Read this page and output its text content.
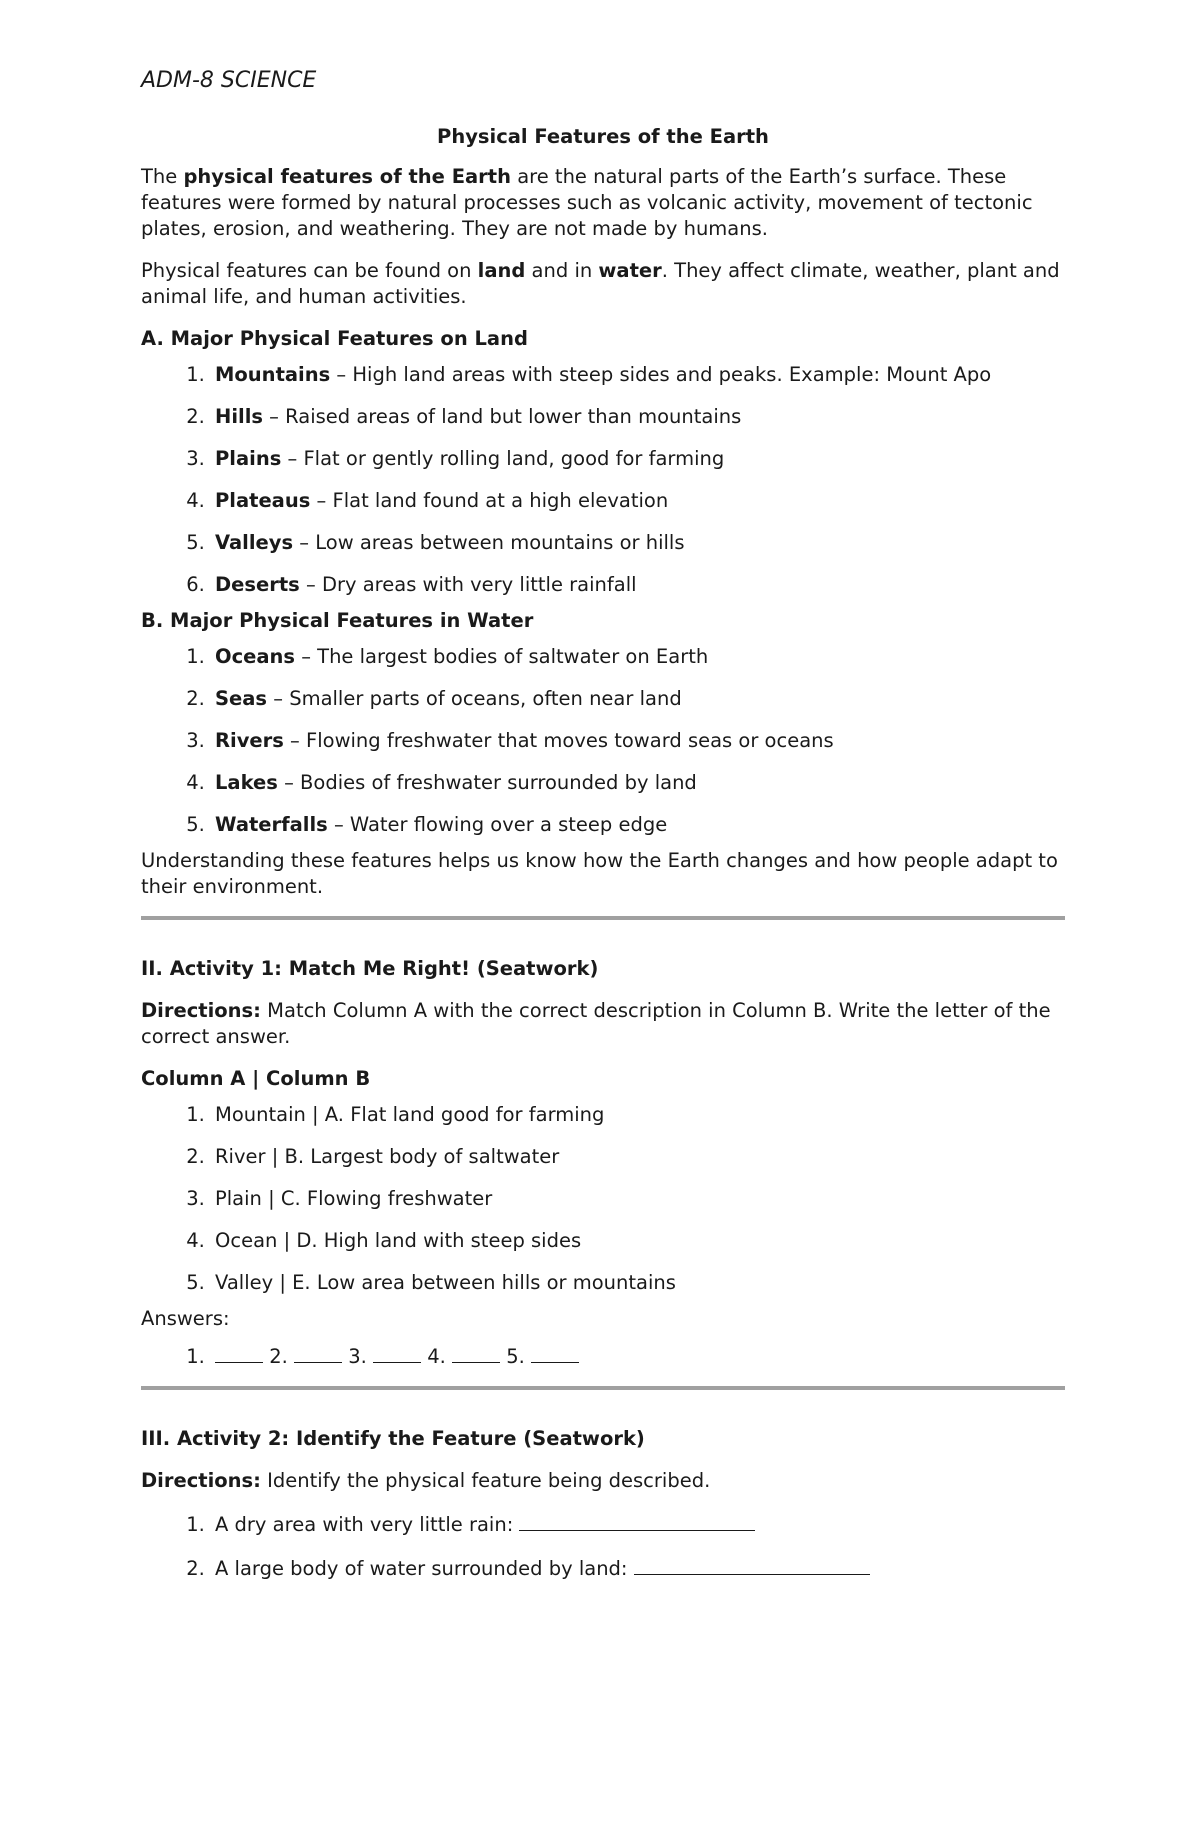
ADM-8 SCIENCE
Physical Features of the Earth

The physical features of the Earth are the natural parts of the Earth’s surface. These features were formed by natural processes such as volcanic activity, movement of tectonic plates, erosion, and weathering. They are not made by humans.

Physical features can be found on land and in water. They affect climate, weather, plant and animal life, and human activities.

A. Major Physical Features on Land
1. Mountains – High land areas with steep sides and peaks. Example: Mount Apo
2. Hills – Raised areas of land but lower than mountains
3. Plains – Flat or gently rolling land, good for farming
4. Plateaus – Flat land found at a high elevation
5. Valleys – Low areas between mountains or hills
6. Deserts – Dry areas with very little rainfall
B. Major Physical Features in Water
1. Oceans – The largest bodies of saltwater on Earth
2. Seas – Smaller parts of oceans, often near land
3. Rivers – Flowing freshwater that moves toward seas or oceans
4. Lakes – Bodies of freshwater surrounded by land
5. Waterfalls – Water flowing over a steep edge

Understanding these features helps us know how the Earth changes and how people adapt to their environment.

II. Activity 1: Match Me Right! (Seatwork)

Directions: Match Column A with the correct description in Column B. Write the letter of the correct answer.

Column A | Column B
1. Mountain | A. Flat land good for farming
2. River | B. Largest body of saltwater
3. Plain | C. Flowing freshwater
4. Ocean | D. High land with steep sides
5. Valley | E. Low area between hills or mountains
Answers:
1. 2.	3.	4.	5.
III. Activity 2: Identify the Feature (Seatwork)

Directions: Identify the physical feature being described.

1. A dry area with very little rain:
2. A large body of water surrounded by land:
